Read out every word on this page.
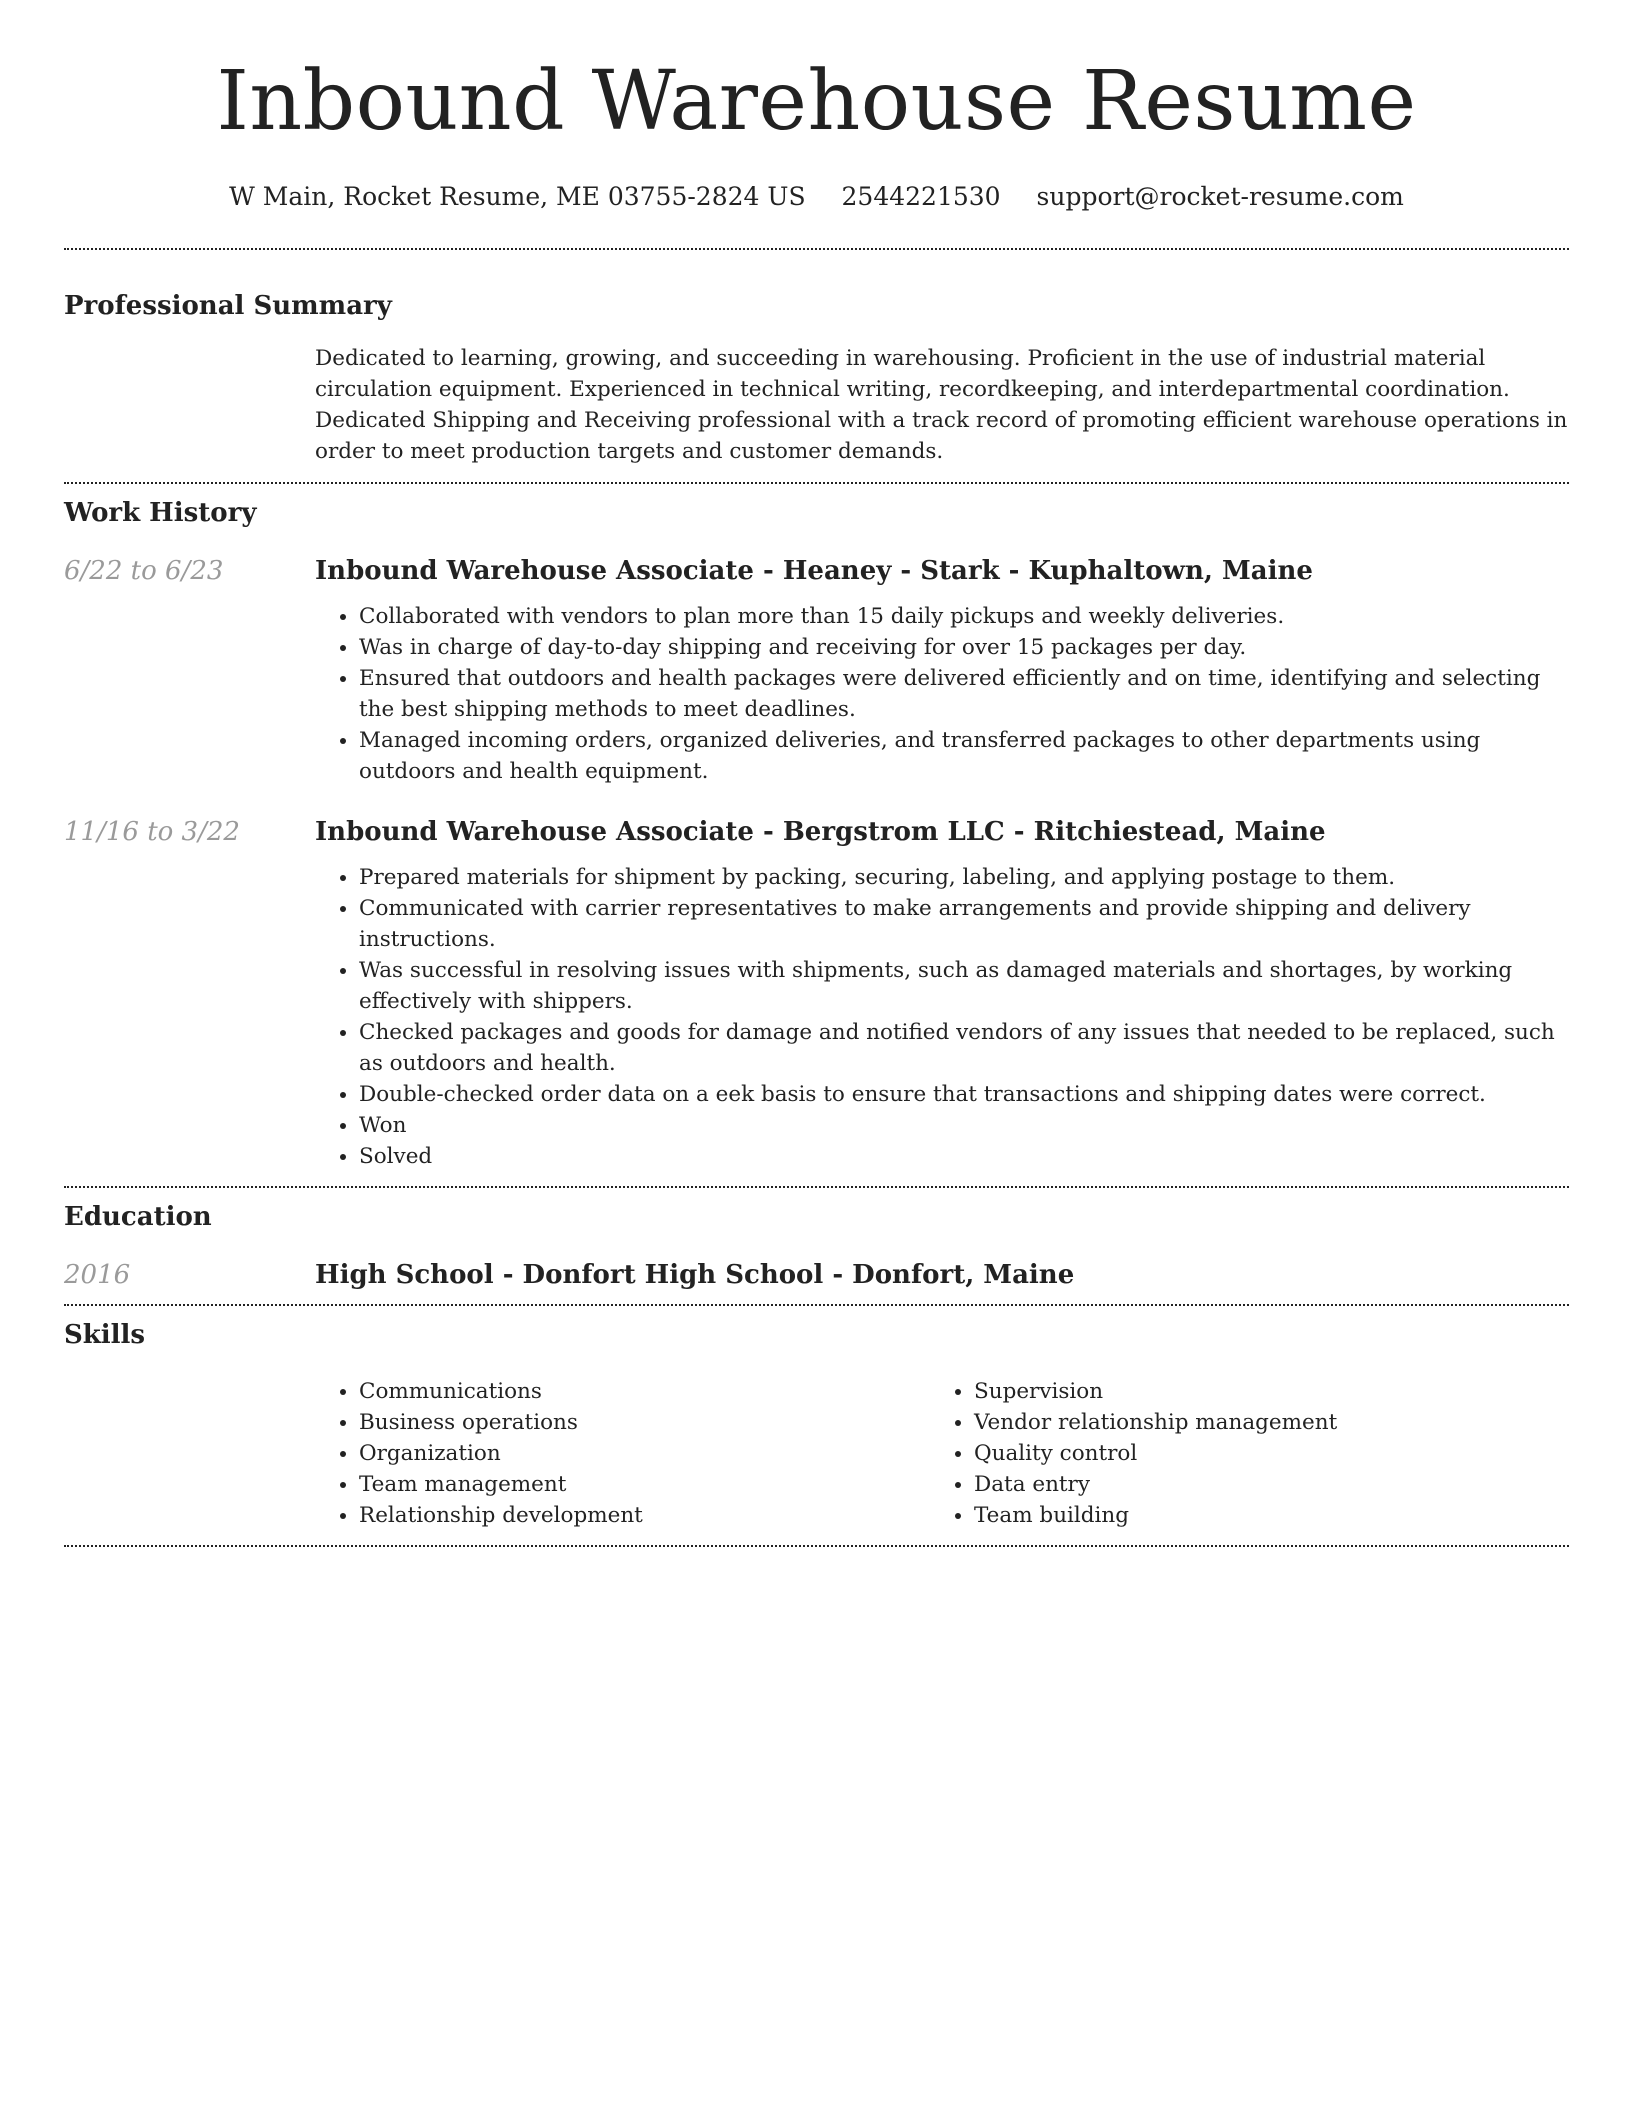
Inbound Warehouse Resume
W Main, Rocket Resume, ME 03755-2824 US 2544221530 support@rocket-resume.com
Professional Summary

Dedicated to learning, growing, and succeeding in warehousing. Proficient in the use of industrial material circulation equipment. Experienced in technical writing, recordkeeping, and interdepartmental coordination. Dedicated Shipping and Receiving professional with a track record of promoting efficient warehouse operations in order to meet production targets and customer demands.

Work History
6/22 to 6/23	Inbound Warehouse Associate - Heaney - Stark - Kuphaltown, Maine
• Collaborated with vendors to plan more than 15 daily pickups and weekly deliveries.
• Was in charge of day-to-day shipping and receiving for over 15 packages per day.
• Ensured that outdoors and health packages were delivered efficiently and on time, identifying and selecting the best shipping methods to meet deadlines.
• Managed incoming orders, organized deliveries, and transferred packages to other departments using outdoors and health equipment.
11/16 to 3/22	Inbound Warehouse Associate - Bergstrom LLC - Ritchiestead, Maine
• Prepared materials for shipment by packing, securing, labeling, and applying postage to them.
• Communicated with carrier representatives to make arrangements and provide shipping and delivery instructions.
• Was successful in resolving issues with shipments, such as damaged materials and shortages, by working effectively with shippers.
• Checked packages and goods for damage and notified vendors of any issues that needed to be replaced, such as outdoors and health.
• Double-checked order data on a eek basis to ensure that transactions and shipping dates were correct.
• Won
• Solved
Education
2016	High School - Donfort High School - Donfort, Maine
Skills
• Communications
• Business operations
• Organization
• Team management
• Relationship development
• Supervision
• Vendor relationship management
• Quality control
• Data entry
• Team building
